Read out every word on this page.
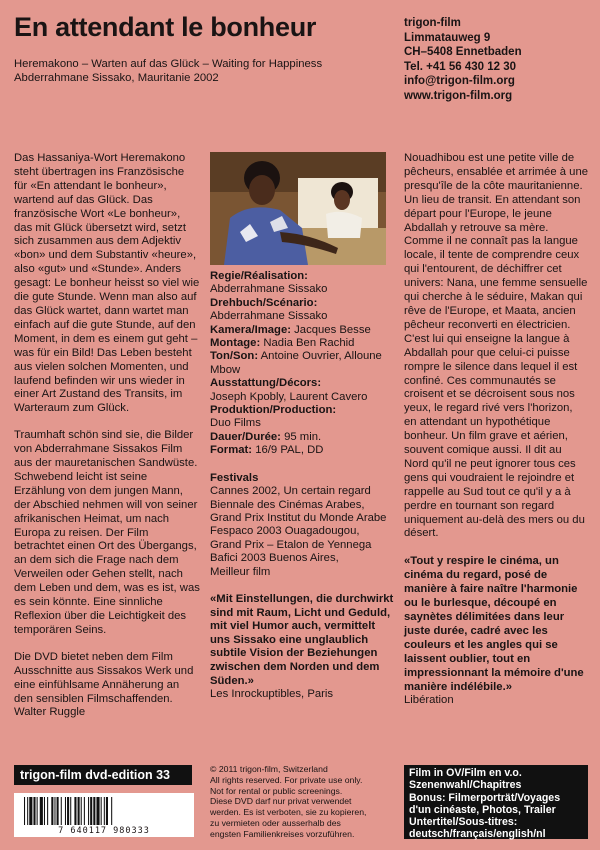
En attendant le bonheur
Heremakono – Warten auf das Glück – Waiting for Happiness
Abderrahmane Sissako, Mauritanie 2002
trigon-film
Limmatauweg 9
CH–5408 Ennetbaden
Tel. +41 56 430 12 30
info@trigon-film.org
www.trigon-film.org

Das Hassaniya-Wort Heremakono steht übertragen ins Französische für «En attendant le bonheur», wartend auf das Glück. Das französische Wort «Le bonheur», das mit Glück übersetzt wird, setzt sich zusammen aus dem Adjektiv «bon» und dem Substantiv «heure», also «gut» und «Stunde». Anders gesagt: Le bonheur heisst so viel wie die gute Stunde. Wenn man also auf das Glück wartet, dann wartet man einfach auf die gute Stunde, auf den Moment, in dem es einem gut geht – was für ein Bild! Das Leben besteht aus vielen solchen Momenten, und laufend befinden wir uns wieder in einer Art Zustand des Transits, im Warteraum zum Glück.

Traumhaft schön sind sie, die Bilder von Abderrahmane Sissakos Film aus der mauretanischen Sandwüste. Schwebend leicht ist seine Erzählung von dem jungen Mann, der Abschied nehmen will von seiner afrikanischen Heimat, um nach Europa zu reisen. Der Film betrachtet einen Ort des Übergangs, an dem sich die Frage nach dem Verweilen oder Gehen stellt, nach dem Leben und dem, was es ist, was es sein könnte. Eine sinnliche Reflexion über die Leichtigkeit des temporären Seins.

Die DVD bietet neben dem Film Ausschnitte aus Sissakos Werk und eine einfühlsame Annäherung an den sensiblen Filmschaffenden. Walter Ruggle

Regie/Réalisation:
Abderrahmane Sissako
Drehbuch/Scénario:
Abderrahmane Sissako
Kamera/Image: Jacques Besse
Montage: Nadia Ben Rachid
Ton/Son: Antoine Ouvrier, Alloune Mbow
Ausstattung/Décors:
Joseph Kpobly, Laurent Cavero
Produktion/Production:
Duo Films
Dauer/Durée: 95 min.
Format: 16/9 PAL, DD
Festivals
Cannes 2002, Un certain regard
Biennale des Cinémas Arabes,
Grand Prix Institut du Monde Arabe
Fespaco 2003 Ouagadougou,
Grand Prix – Etalon de Yennega
Bafici 2003 Buenos Aires,
Meilleur film
«Mit Einstellungen, die durchwirkt sind mit Raum, Licht und Geduld, mit viel Humor auch, vermittelt uns Sissako eine unglaublich subtile Vision der Beziehungen zwischen dem Norden und dem Süden.»
Les Inrockuptibles, Paris

Nouadhibou est une petite ville de pêcheurs, ensablée et arrimée à une presqu'île de la côte mauritanienne. Un lieu de transit. En attendant son départ pour l'Europe, le jeune Abdallah y retrouve sa mère. Comme il ne connaît pas la langue locale, il tente de comprendre ceux qui l'entourent, de déchiffrer cet univers: Nana, une femme sensuelle qui cherche à le séduire, Makan qui rêve de l'Europe, et Maata, ancien pêcheur reconverti en électricien. C'est lui qui enseigne la langue à Abdallah pour que celui-ci puisse rompre le silence dans lequel il est confiné. Ces communautés se croisent et se décroisent sous nos yeux, le regard rivé vers l'horizon, en attendant un hypothétique bonheur. Un film grave et aérien, souvent comique aussi. Il dit au Nord qu'il ne peut ignorer tous ces gens qui voudraient le rejoindre et rappelle au Sud tout ce qu'il y a à perdre en tournant son regard uniquement au-delà des mers ou du désert.

«Tout y respire le cinéma, un cinéma du regard, posé de manière à faire naître l'harmonie ou le burlesque, découpé en saynètes délimitées dans leur juste durée, cadré avec les couleurs et les angles qui se laissent oublier, tout en impressionnant la mémoire d'une manière indélébile.»
Libération
trigon-film dvd-edition 33
7 640117 980333
© 2011 trigon-film, Switzerland
All rights reserved. For private use only.
Not for rental or public screenings.
Diese DVD darf nur privat verwendet
werden. Es ist verboten, sie zu kopieren,
zu vermieten oder ausserhalb des
engsten Familienkreises vorzuführen.
Film in OV/Film en v.o.
Szenenwahl/Chapitres
Bonus: Filmerporträt/Voyages
d'un cinéaste, Photos, Trailer
Untertitel/Sous-titres:
deutsch/français/english/nl
